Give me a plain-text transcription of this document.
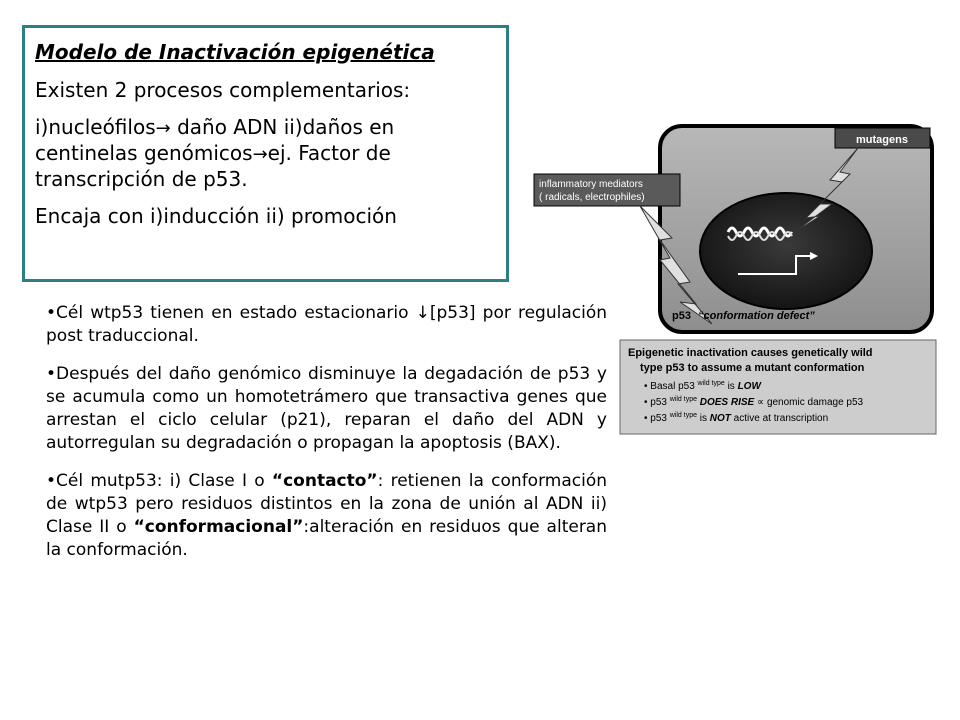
Modelo de Inactivación epigenética

Existen 2 procesos complementarios:

i)nucleófilos→ daño ADN ii)daños en
centinelas genómicos→ej. Factor de
transcripción de p53.

Encaja con i)inducción ii) promoción

•Cél wtp53 tienen en estado estacionario ↓[p53] por regulación post traduccional.

•Después del daño genómico disminuye la degadación de p53 y se acumula como un homotetrámero que transactiva genes que arrestan el ciclo celular (p21), reparan el daño del ADN y autorregulan su degradación o propagan la apoptosis (BAX).

•Cél mutp53: i) Clase I o “contacto”: retienen la conformación de wtp53 pero residuos distintos en la zona de unión al ADN ii) Clase II o “conformacional”:alteración en residuos que alteran la conformación.

mutagens
inflammatory mediators
( radicals, electrophiles)
p53 “conformation defect”
Epigenetic inactivation causes genetically wild
type p53 to assume a mutant conformation
• Basal p53 $^{wild type}$ is LOW
• p53 $^{wild type}$ DOES RISE ∝ genomic damage p53
• p53 $^{wild type}$ is NOT active at transcription
